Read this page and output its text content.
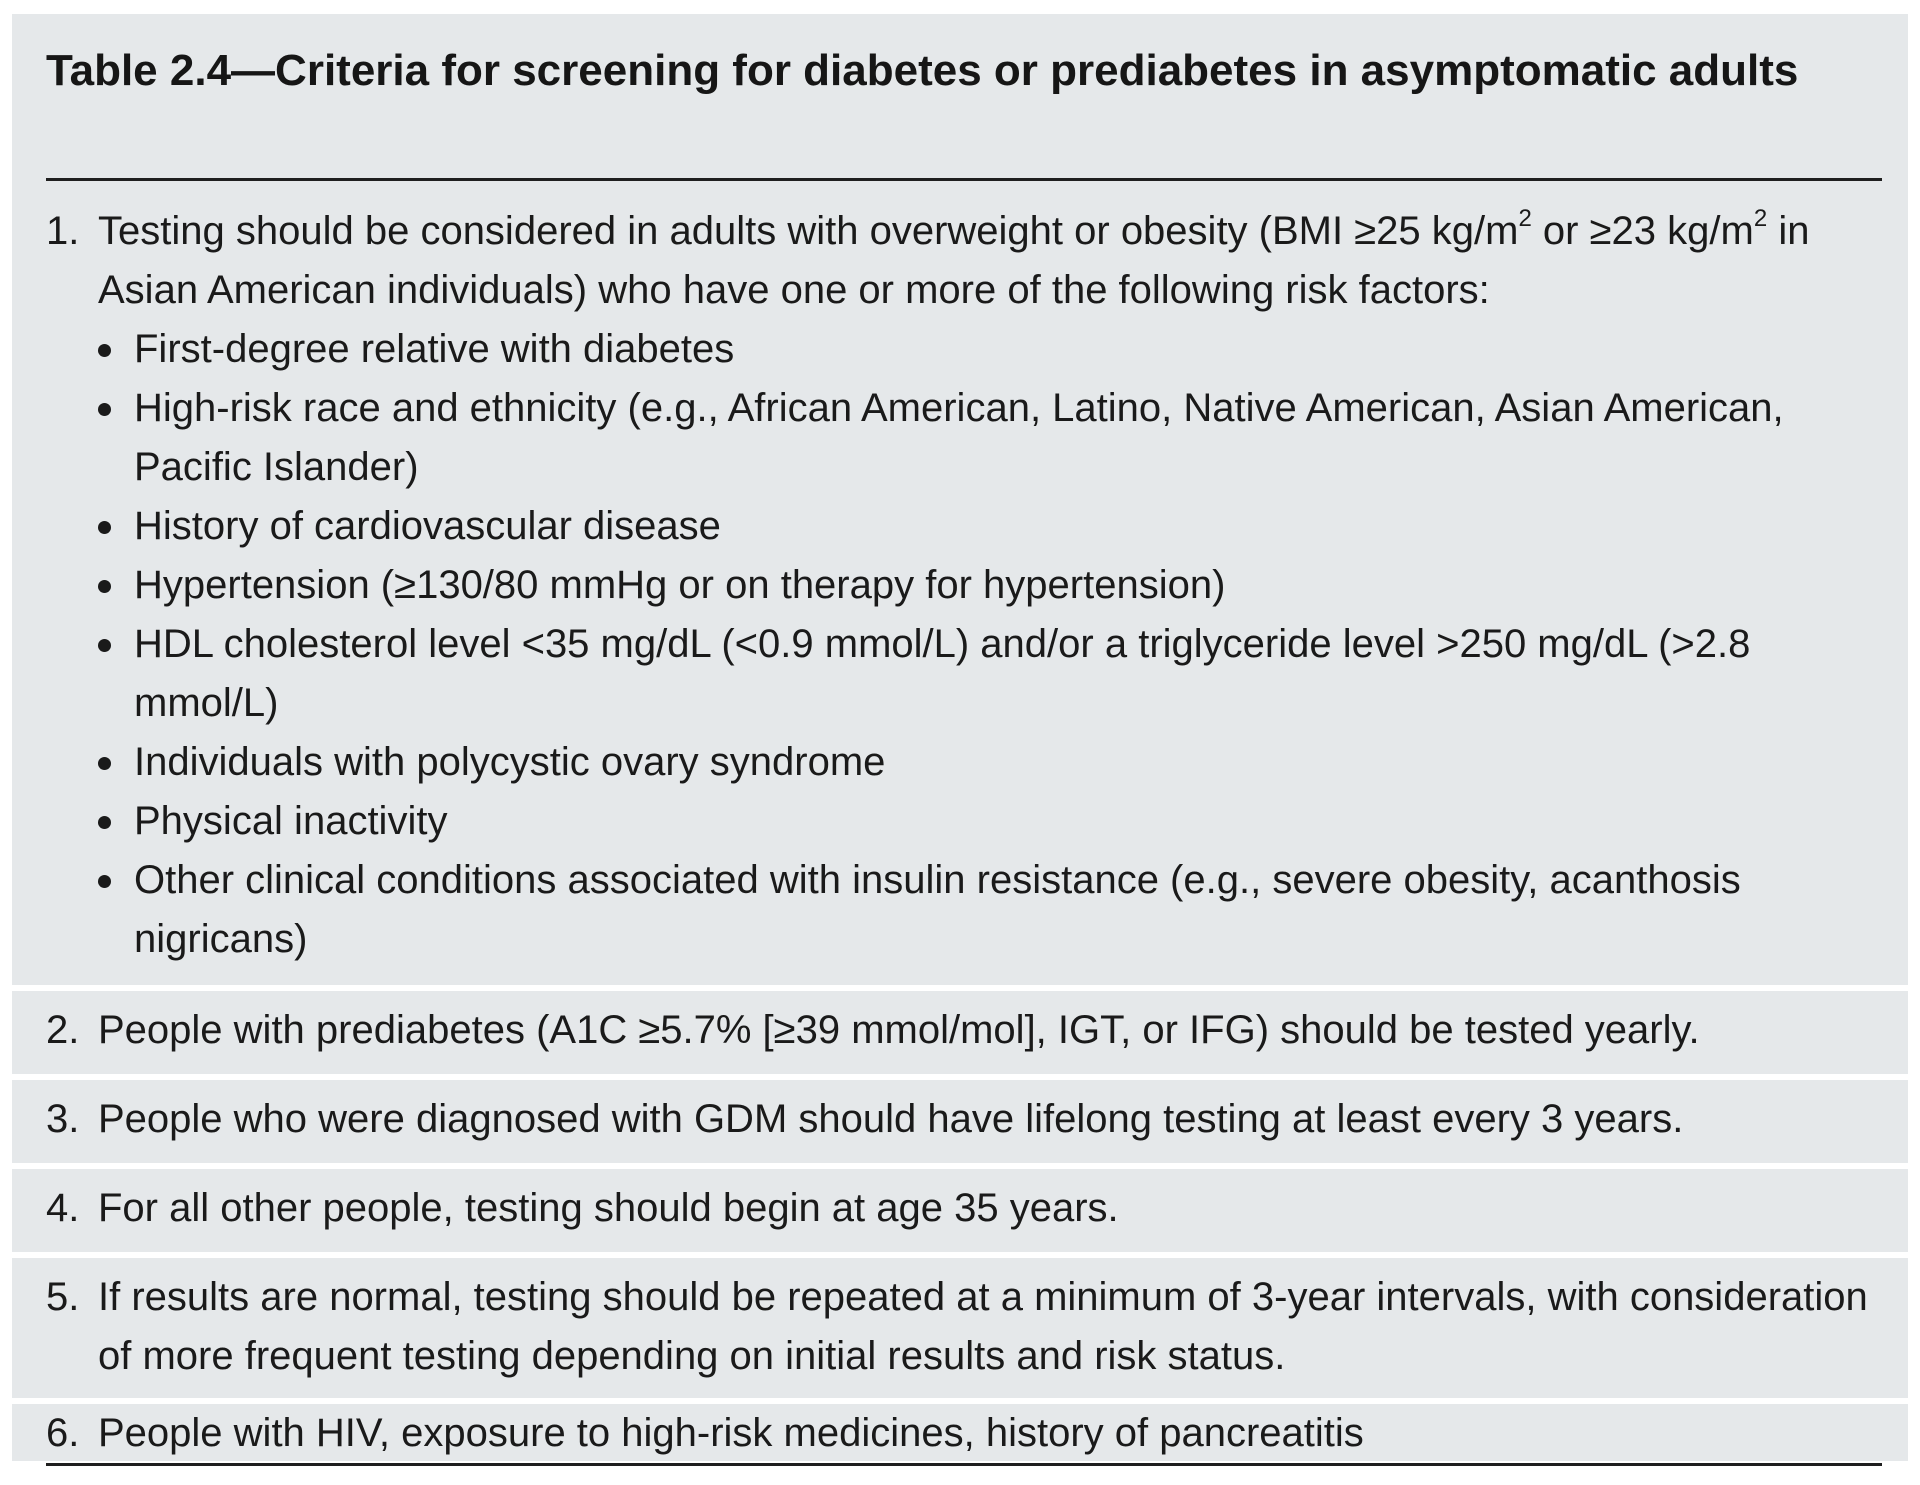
Table 2.4—Criteria for screening for diabetes or prediabetes in asymptomatic adults
1. Testing should be considered in adults with overweight or obesity (BMI ≥25 $kg/m^2$ or ≥23 $kg/m^2$ in Asian American individuals) who have one or more of the following risk factors:
First-degree relative with diabetes
High-risk race and ethnicity (e.g., African American, Latino, Native American, Asian American, Pacific Islander)
History of cardiovascular disease
Hypertension (≥130/80 mmHg or on therapy for hypertension)
HDL cholesterol level <35 mg/dL (<0.9 mmol/L) and/or a triglyceride level >250 mg/dL (>2.8 mmol/L)
Individuals with polycystic ovary syndrome
Physical inactivity
Other clinical conditions associated with insulin resistance (e.g., severe obesity, acanthosis nigricans)
2. People with prediabetes (A1C ≥5.7% [≥39 mmol/mol], IGT, or IFG) should be tested yearly.
3. People who were diagnosed with GDM should have lifelong testing at least every 3 years.
4. For all other people, testing should begin at age 35 years.
5. If results are normal, testing should be repeated at a minimum of 3-year intervals, with consideration of more frequent testing depending on initial results and risk status.
6. People with HIV, exposure to high-risk medicines, history of pancreatitis
